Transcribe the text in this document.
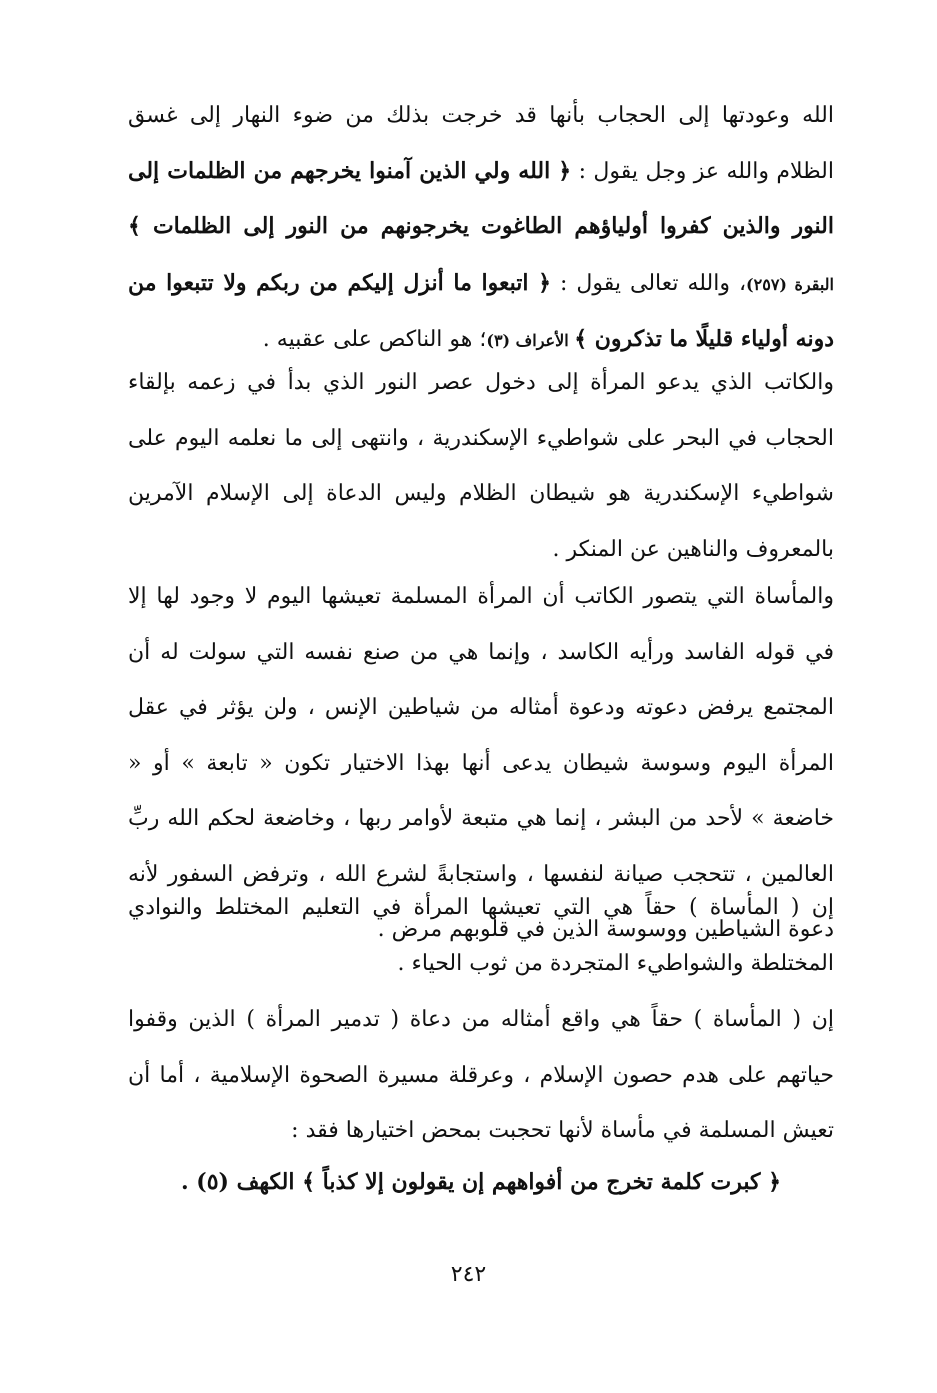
الله وعودتها إلى الحجاب بأنها قد خرجت بذلك من ضوء النهار إلى غسق الظلام والله عز وجل يقول : ﴿ الله ولي الذين آمنوا يخرجهم من الظلمات إلى النور والذين كفروا أولياؤهم الطاغوت يخرجونهم من النور إلى الظلمات ﴾ البقرة (٢٥٧)، والله تعالى يقول : ﴿ اتبعوا ما أنزل إليكم من ربكم ولا تتبعوا من دونه أولياء قليلًا ما تذكرون ﴾ الأعراف (٣)؛ هو الناكص على عقبيه .

والكاتب الذي يدعو المرأة إلى دخول عصر النور الذي بدأ في زعمه بإلقاء الحجاب في البحر على شواطيء الإسكندرية ، وانتهى إلى ما نعلمه اليوم على شواطيء الإسكندرية هو شيطان الظلام وليس الدعاة إلى الإسلام الآمرين بالمعروف والناهين عن المنكر .

والمأساة التي يتصور الكاتب أن المرأة المسلمة تعيشها اليوم لا وجود لها إلا في قوله الفاسد ورأيه الكاسد ، وإنما هي من صنع نفسه التي سولت له أن المجتمع يرفض دعوته ودعوة أمثاله من شياطين الإنس ، ولن يؤثر في عقل المرأة اليوم وسوسة شيطان يدعى أنها بهذا الاختيار تكون « تابعة » أو « خاضعة » لأحد من البشر ، إنما هي متبعة لأوامر ربها ، وخاضعة لحكم الله ربِّ العالمين ، تتحجب صيانة لنفسها ، واستجابةً لشرع الله ، وترفض السفور لأنه دعوة الشياطين ووسوسة الذين في قلوبهم مرض .

إن ( المأساة ) حقاً هي التي تعيشها المرأة في التعليم المختلط والنوادي المختلطة والشواطيء المتجردة من ثوب الحياء .

إن ( المأساة ) حقاً هي واقع أمثاله من دعاة ( تدمير المرأة ) الذين وقفوا حياتهم على هدم حصون الإسلام ، وعرقلة مسيرة الصحوة الإسلامية ، أما أن تعيش المسلمة في مأساة لأنها تحجبت بمحض اختيارها فقد :

﴿ كبرت كلمة تخرج من أفواههم إن يقولون إلا كذباً ﴾ الكهف (٥) .

٢٤٢
